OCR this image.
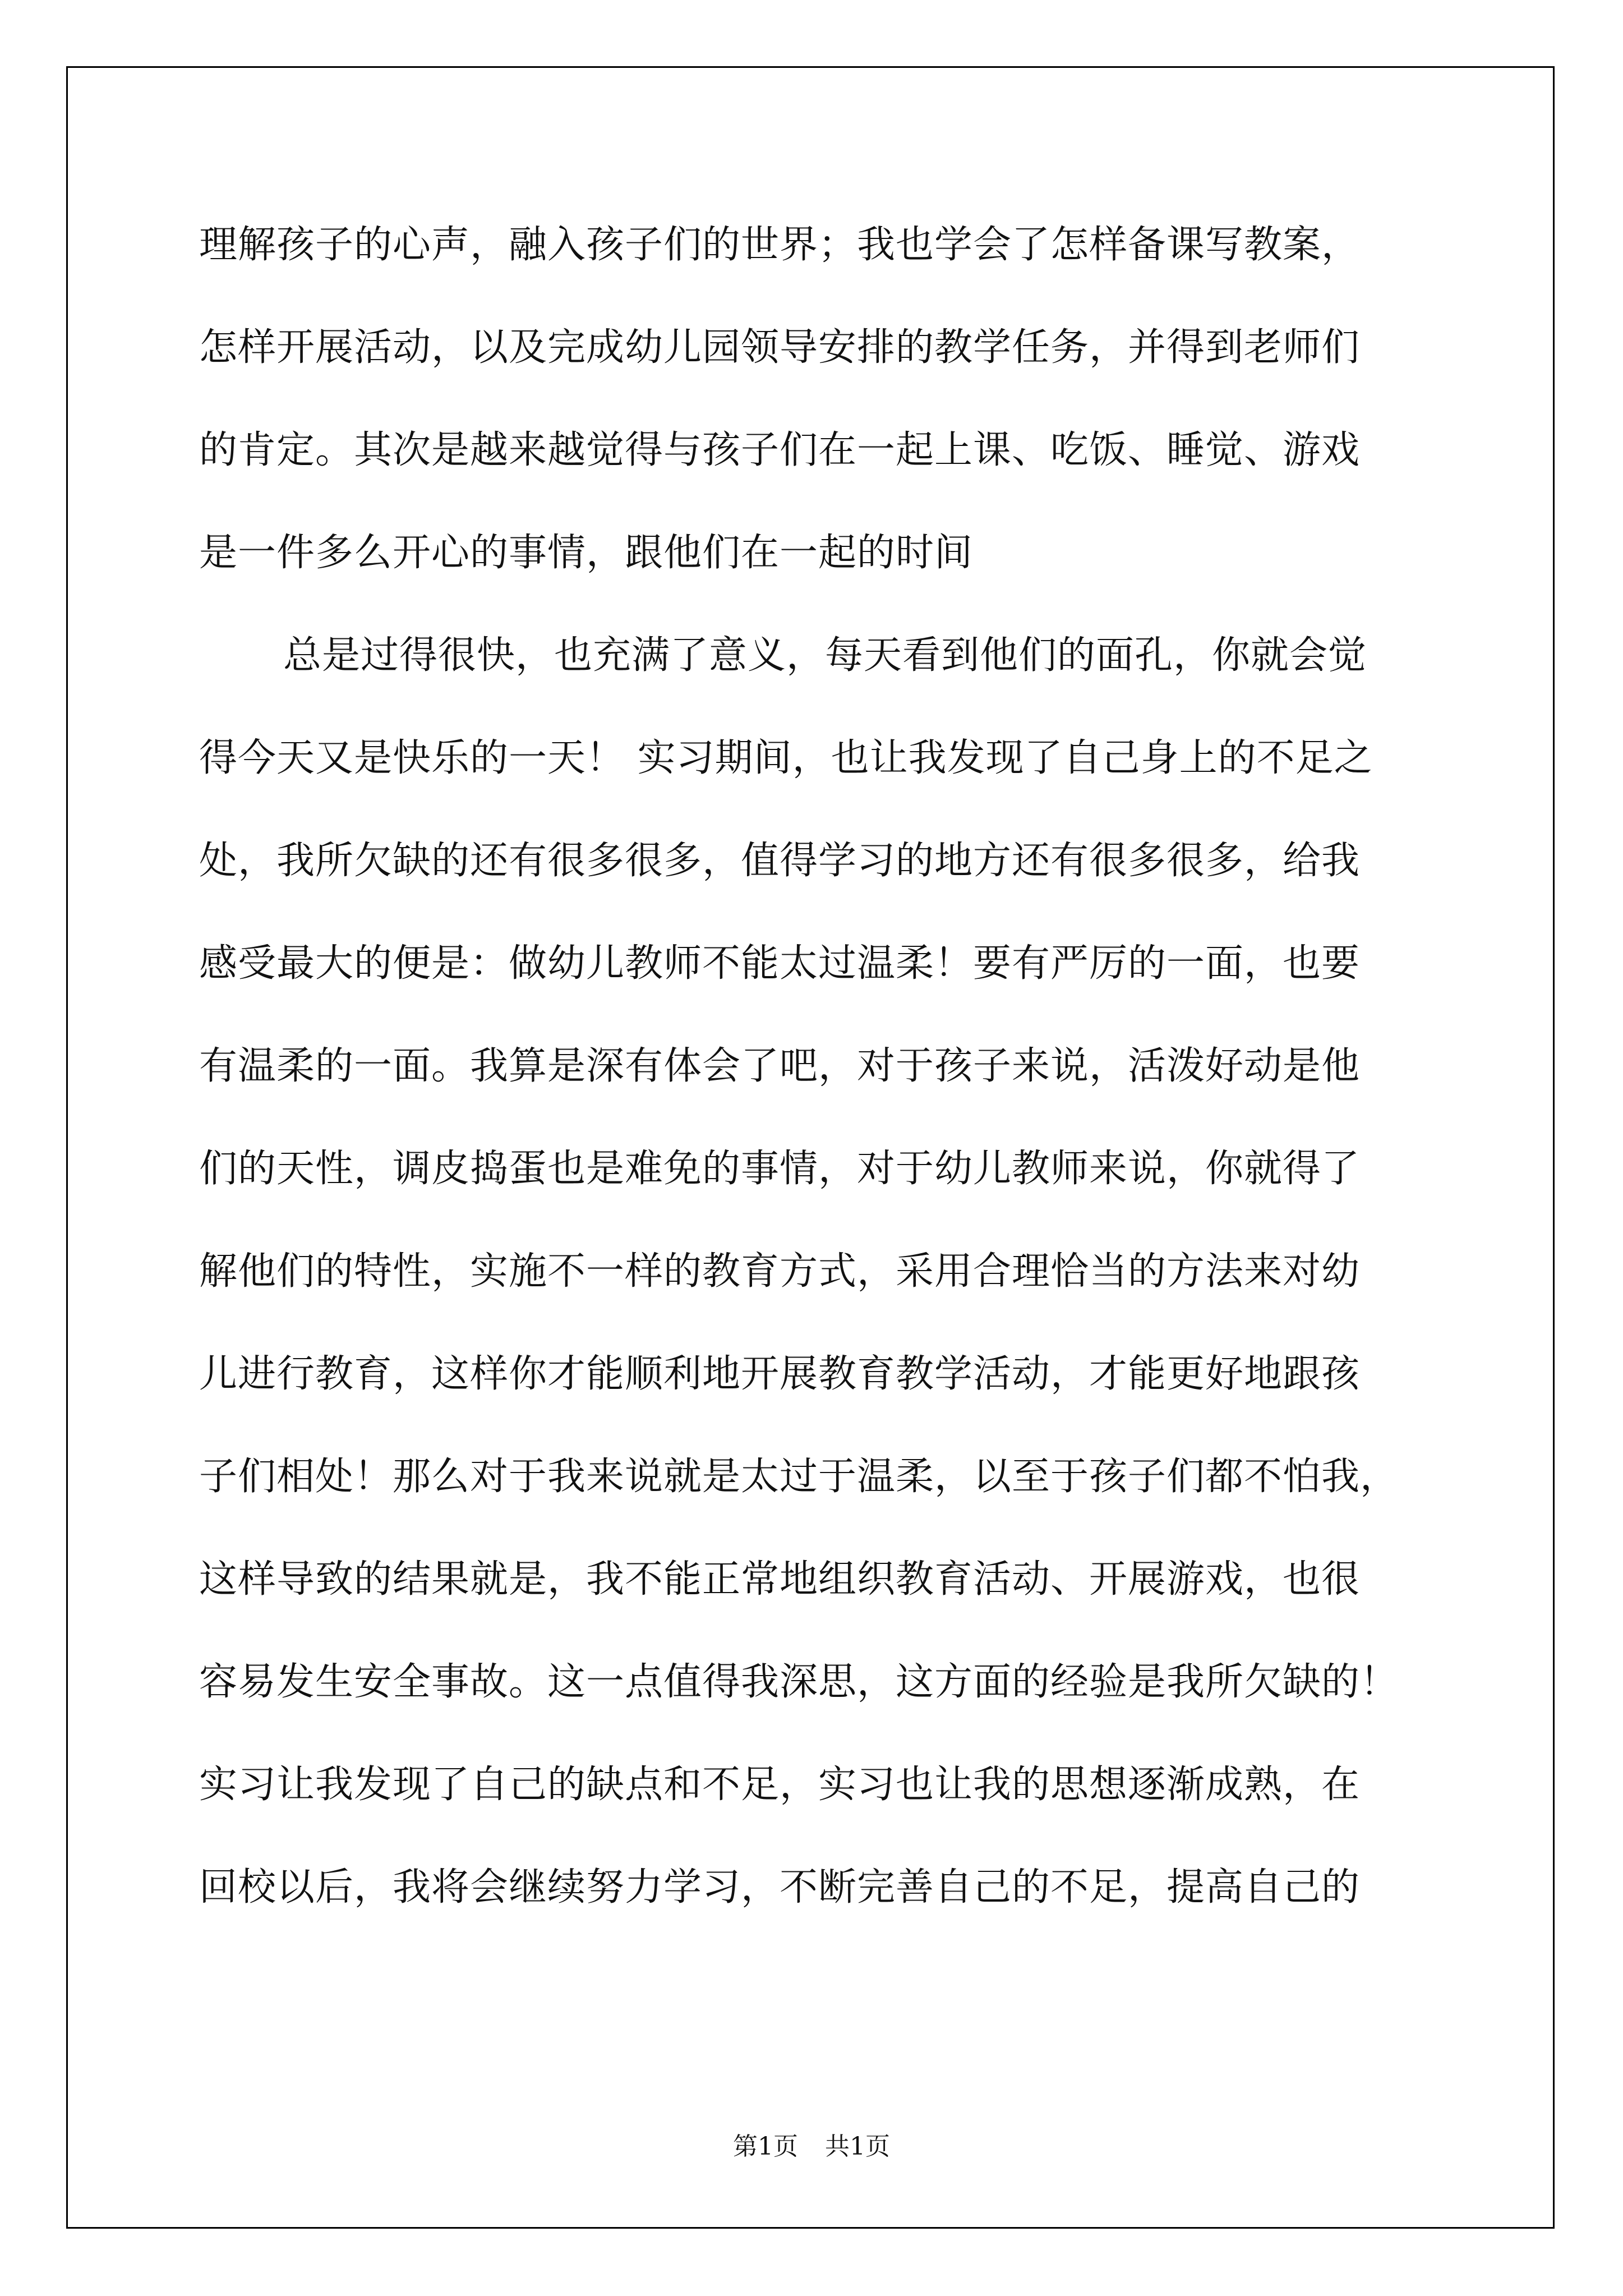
理解孩子的心声，融入孩子们的世界；我也学会了怎样备课写教案，
怎样开展活动，以及完成幼儿园领导安排的教学任务，并得到老师们
的肯定。其次是越来越觉得与孩子们在一起上课、吃饭、睡觉、游戏
是一件多么开心的事情，跟他们在一起的时间
总是过得很快，也充满了意义，每天看到他们的面孔，你就会觉
得今天又是快乐的一天！ 实习期间，也让我发现了自己身上的不足之
处，我所欠缺的还有很多很多，值得学习的地方还有很多很多，给我
感受最大的便是：做幼儿教师不能太过温柔！要有严厉的一面，也要
有温柔的一面。我算是深有体会了吧，对于孩子来说，活泼好动是他
们的天性，调皮捣蛋也是难免的事情，对于幼儿教师来说，你就得了
解他们的特性，实施不一样的教育方式，采用合理恰当的方法来对幼
儿进行教育，这样你才能顺利地开展教育教学活动，才能更好地跟孩
子们相处！那么对于我来说就是太过于温柔，以至于孩子们都不怕我，
这样导致的结果就是，我不能正常地组织教育活动、开展游戏，也很
容易发生安全事故。这一点值得我深思，这方面的经验是我所欠缺的！
实习让我发现了自己的缺点和不足，实习也让我的思想逐渐成熟，在
回校以后，我将会继续努力学习，不断完善自己的不足，提高自己的
第1页 共1页
